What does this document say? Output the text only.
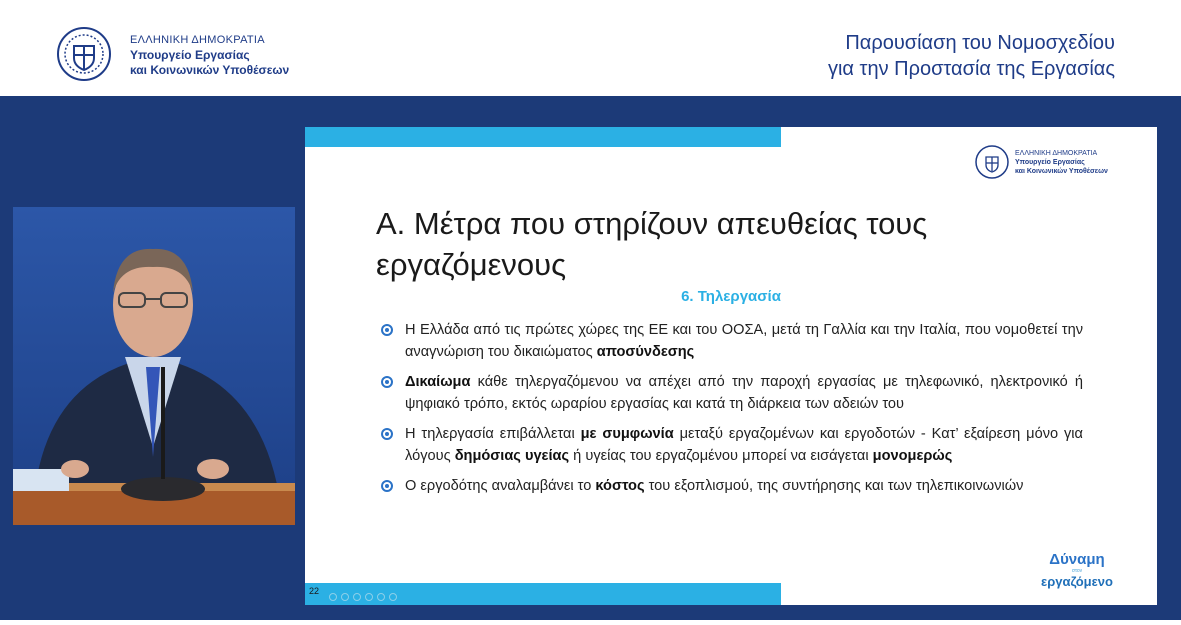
ΕΛΛΗΝΙΚΗ ΔΗΜΟΚΡΑΤΙΑ
Υπουργείο Εργασίας
και Κοινωνικών Υποθέσεων
Παρουσίαση του Νομοσχεδίου
για την Προστασία της Εργασίας
ΕΛΛΗΝΙΚΗ ΔΗΜΟΚΡΑΤΙΑ
Υπουργείο Εργασίας
και Κοινωνικών Υποθέσεων
Α. Μέτρα που στηρίζουν απευθείας τους εργαζόμενους
6. Τηλεργασία
Η Ελλάδα από τις πρώτες χώρες της ΕΕ και του ΟΟΣΑ, μετά τη Γαλλία και την Ιταλία, που νομοθετεί την αναγνώριση του δικαιώματος αποσύνδεσης
Δικαίωμα κάθε τηλεργαζόμενου να απέχει από την παροχή εργασίας με τηλεφωνικό, ηλεκτρονικό ή ψηφιακό τρόπο, εκτός ωραρίου εργασίας και κατά τη διάρκεια των αδειών του
Η τηλεργασία επιβάλλεται με συμφωνία μεταξύ εργαζομένων και εργοδοτών - Κατ’ εξαίρεση μόνο για λόγους δημόσιας υγείας ή υγείας του εργαζομένου μπορεί να εισάγεται μονομερώς
Ο εργοδότης αναλαμβάνει το κόστος του εξοπλισμού, της συντήρησης και των τηλεπικοινωνιών
Δύναμη
στον
εργαζόμενο
22
